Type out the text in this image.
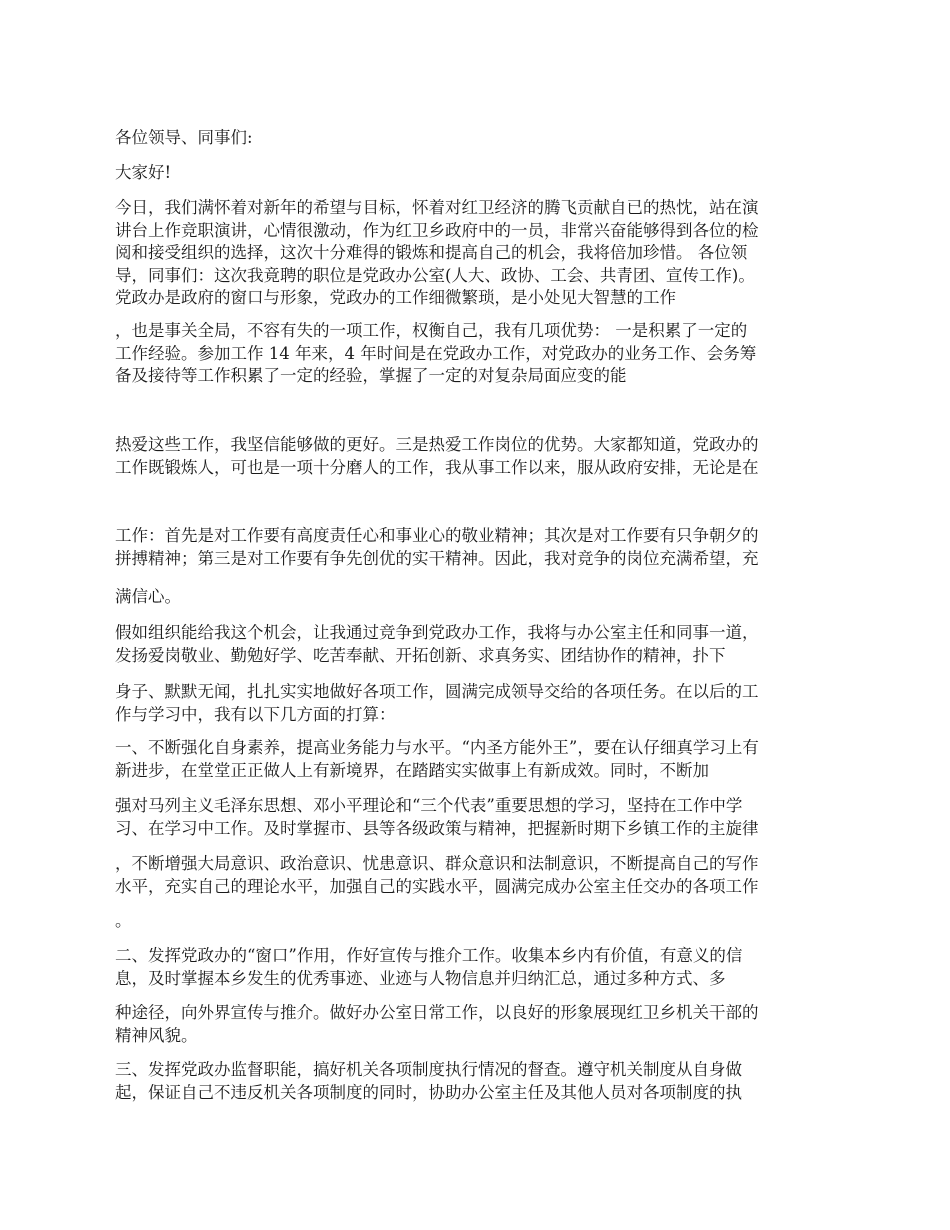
各位领导、同事们:

大家好!

今日，我们满怀着对新年的希望与目标，怀着对红卫经济的腾飞贡献自已的热忱，站在演
讲台上作竞职演讲，心情很激动，作为红卫乡政府中的一员，非常兴奋能够得到各位的检
阅和接受组织的选择，这次十分难得的锻炼和提高自己的机会，我将倍加珍惜。 各位领
导，同事们：这次我竟聘的职位是党政办公室(人大、政协、工会、共青团、宣传工作)。
党政办是政府的窗口与形象，党政办的工作细微繁琐，是小处见大智慧的工作

，也是事关全局，不容有失的一项工作，权衡自己，我有几项优势： 一是积累了一定的
工作经验。参加工作 14 年来，4 年时间是在党政办工作，对党政办的业务工作、会务筹
备及接待等工作积累了一定的经验，掌握了一定的对复杂局面应变的能

热爱这些工作，我坚信能够做的更好。三是热爱工作岗位的优势。大家都知道，党政办的
工作既锻炼人，可也是一项十分磨人的工作，我从事工作以来，服从政府安排，无论是在

工作：首先是对工作要有高度责任心和事业心的敬业精神；其次是对工作要有只争朝夕的
拼搏精神；第三是对工作要有争先创优的实干精神。因此，我对竞争的岗位充满希望，充

满信心。

假如组织能给我这个机会，让我通过竞争到党政办工作，我将与办公室主任和同事一道，
发扬爱岗敬业、勤勉好学、吃苦奉献、开拓创新、求真务实、团结协作的精神，扑下

身子、默默无闻，扎扎实实地做好各项工作，圆满完成领导交给的各项任务。在以后的工
作与学习中，我有以下几方面的打算：

一、不断强化自身素养，提高业务能力与水平。“内圣方能外王”，要在认仔细真学习上有
新进步，在堂堂正正做人上有新境界，在踏踏实实做事上有新成效。同时，不断加

强对马列主义毛泽东思想、邓小平理论和“三个代表”重要思想的学习，坚持在工作中学
习、在学习中工作。及时掌握市、县等各级政策与精神，把握新时期下乡镇工作的主旋律

，不断增强大局意识、政治意识、忧患意识、群众意识和法制意识，不断提高自己的写作
水平，充实自己的理论水平，加强自己的实践水平，圆满完成办公室主任交办的各项工作

。

二、发挥党政办的“窗口”作用，作好宣传与推介工作。收集本乡内有价值，有意义的信
息，及时掌握本乡发生的优秀事迹、业迹与人物信息并归纳汇总，通过多种方式、多

种途径，向外界宣传与推介。做好办公室日常工作，以良好的形象展现红卫乡机关干部的
精神风貌。

三、发挥党政办监督职能，搞好机关各项制度执行情况的督查。遵守机关制度从自身做
起，保证自己不违反机关各项制度的同时，协助办公室主任及其他人员对各项制度的执
